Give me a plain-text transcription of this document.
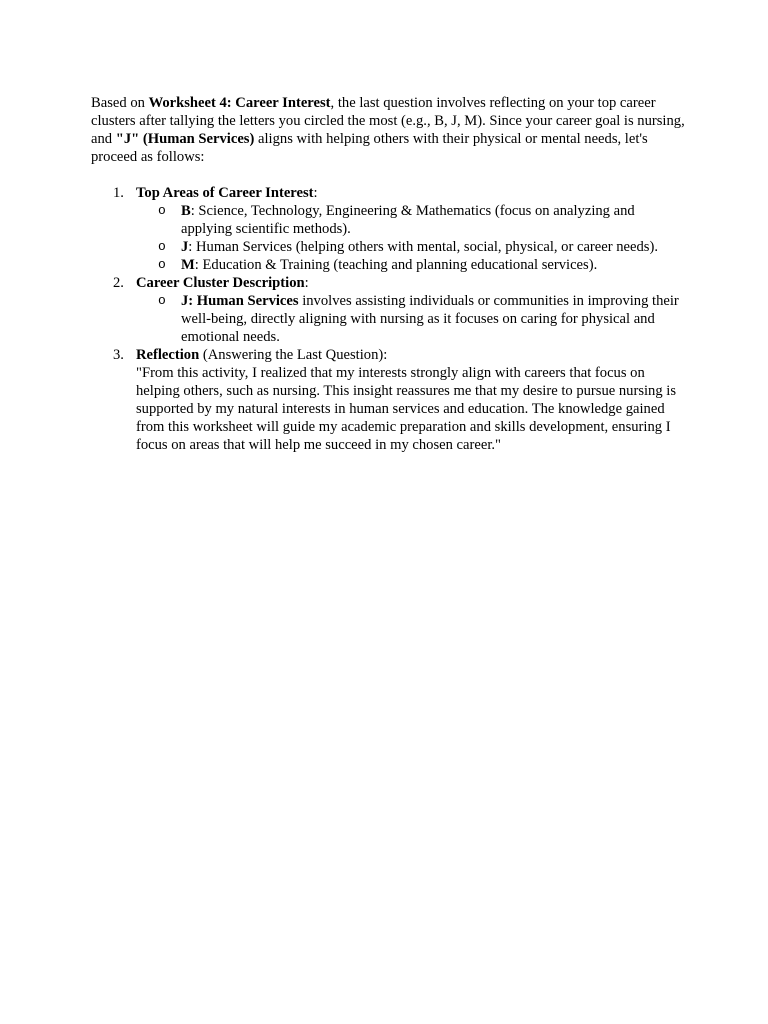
Based on Worksheet 4: Career Interest, the last question involves reflecting on your top career clusters after tallying the letters you circled the most (e.g., B, J, M). Since your career goal is nursing, and "J" (Human Services) aligns with helping others with their physical or mental needs, let's proceed as follows:

1. Top Areas of Career Interest:
o B: Science, Technology, Engineering & Mathematics (focus on analyzing and applying scientific methods).
o J: Human Services (helping others with mental, social, physical, or career needs).
o M: Education & Training (teaching and planning educational services).
2. Career Cluster Description:
o J: Human Services involves assisting individuals or communities in improving their well-being, directly aligning with nursing as it focuses on caring for physical and emotional needs.
3. Reflection (Answering the Last Question):
"From this activity, I realized that my interests strongly align with careers that focus on helping others, such as nursing. This insight reassures me that my desire to pursue nursing is supported by my natural interests in human services and education. The knowledge gained from this worksheet will guide my academic preparation and skills development, ensuring I focus on areas that will help me succeed in my chosen career."
